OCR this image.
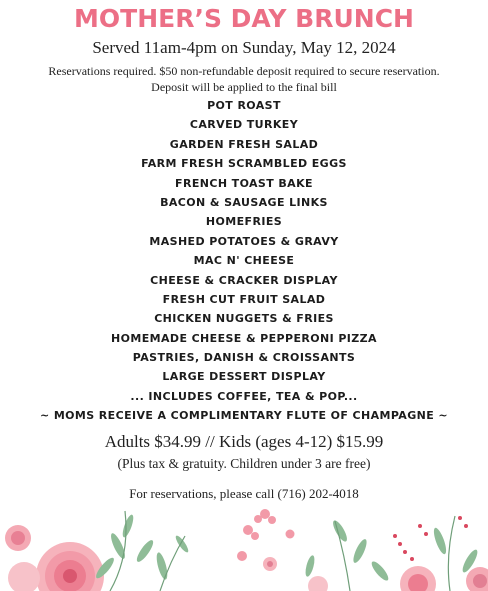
MOTHER’S DAY BRUNCH
Served 11am-4pm on Sunday, May 12, 2024
Reservations required. $50 non-refundable deposit required to secure reservation.
Deposit will be applied to the final bill
POT ROAST
CARVED TURKEY
GARDEN FRESH SALAD
FARM FRESH SCRAMBLED EGGS
FRENCH TOAST BAKE
BACON & SAUSAGE LINKS
HOMEFRIES
MASHED POTATOES & GRAVY
MAC N' CHEESE
CHEESE & CRACKER DISPLAY
FRESH CUT FRUIT SALAD
CHICKEN NUGGETS & FRIES
HOMEMADE CHEESE & PEPPERONI PIZZA
PASTRIES, DANISH & CROISSANTS
LARGE DESSERT DISPLAY
... INCLUDES COFFEE, TEA & POP...
~ MOMS RECEIVE A COMPLIMENTARY FLUTE OF CHAMPAGNE ~
Adults $34.99 // Kids (ages 4-12) $15.99
(Plus tax & gratuity. Children under 3 are free)
For reservations, please call (716) 202-4018
